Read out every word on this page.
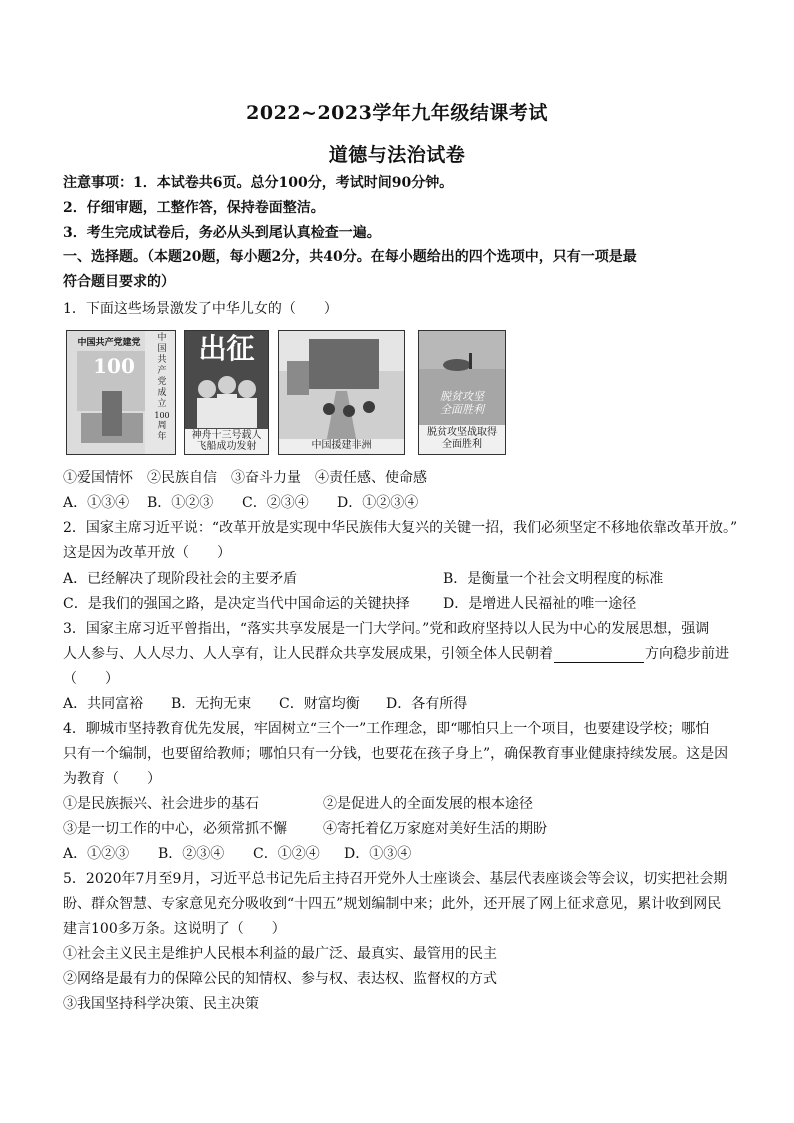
2022~2023学年九年级结课考试
道德与法治试卷
注意事项：1．本试卷共6页。总分100分，考试时间90分钟。
2．仔细审题，工整作答，保持卷面整洁。
3．考生完成试卷后，务必从头到尾认真检查一遍。
一、选择题。（本题20题，每小题2分，共40分。在每小题给出的四个选项中，只有一项是最
符合题目要求的）
1．下面这些场景激发了中华儿女的（　　）
中国共产党建党
100
中
国
共
产
党
成
立
100
周
年
出征
神舟十三号载人
飞船成功发射	中国援建非洲
脱贫攻坚
全面胜利
脱贫攻坚战取得
全面胜利
①爱国情怀　②民族自信　③奋斗力量　④责任感、使命感
A．①③④ B．①②③ C．②③④ D．①②③④
2．国家主席习近平说：“改革开放是实现中华民族伟大复兴的关键一招，我们必须坚定不移地依靠改革开放。”
这是因为改革开放（　　）
A．已经解决了现阶段社会的主要矛盾	B．是衡量一个社会文明程度的标准
C．是我们的强国之路，是决定当代中国命运的关键抉择 D．是增进人民福祉的唯一途径
3．国家主席习近平曾指出，“落实共享发展是一门大学问。”党和政府坚持以人民为中心的发展思想，强调
人人参与、人人尽力、人人享有，让人民群众共享发展成果，引领全体人民朝着	方向稳步前进
（　　）
A．共同富裕 B．无拘无束 C．财富均衡 D．各有所得
4．聊城市坚持教育优先发展，牢固树立“三个一”工作理念，即“哪怕只上一个项目，也要建设学校；哪怕
只有一个编制，也要留给教师；哪怕只有一分钱，也要花在孩子身上”，确保教育事业健康持续发展。这是因
为教育（　　）
①是民族振兴、社会进步的基石	②是促进人的全面发展的根本途径
③是一切工作的中心，必须常抓不懈	④寄托着亿万家庭对美好生活的期盼
A．①②③ B．②③④ C．①②④ D．①③④
5．2020年7月至9月，习近平总书记先后主持召开党外人士座谈会、基层代表座谈会等会议，切实把社会期
盼、群众智慧、专家意见充分吸收到“十四五”规划编制中来；此外，还开展了网上征求意见，累计收到网民
建言100多万条。这说明了（　　）
①社会主义民主是维护人民根本利益的最广泛、最真实、最管用的民主
②网络是最有力的保障公民的知情权、参与权、表达权、监督权的方式
③我国坚持科学决策、民主决策
